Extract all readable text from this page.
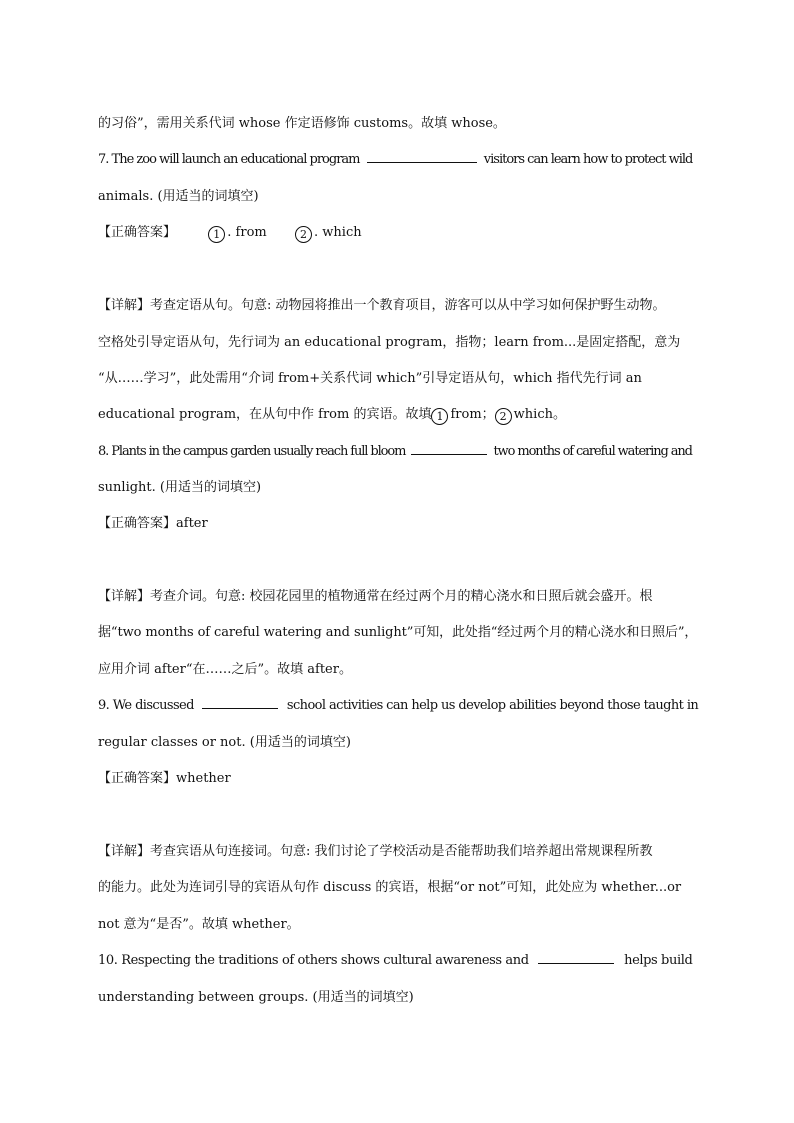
的习俗”，需用关系代词 whose 作定语修饰 customs。故填 whose。
7. The zoo will launch an educational program	visitors can learn how to protect wild
animals. (用适当的词填空)
【正确答案】	1 . from	2 . which
【详解】考查定语从句。句意: 动物园将推出一个教育项目，游客可以从中学习如何保护野生动物。
空格处引导定语从句，先行词为 an educational program，指物；learn from...是固定搭配，意为
“从……学习”，此处需用“介词 from+关系代词 which”引导定语从句，which 指代先行词 an
educational program，在从句中作 from 的宾语。故填 1 from； 2 which。
8. Plants in the campus garden usually reach full bloom	two months of careful watering and
sunlight. (用适当的词填空)
【正确答案】after
【详解】考查介词。句意: 校园花园里的植物通常在经过两个月的精心浇水和日照后就会盛开。根
据“two months of careful watering and sunlight”可知，此处指“经过两个月的精心浇水和日照后”，
应用介词 after“在……之后”。故填 after。
9. We discussed	school activities can help us develop abilities beyond those taught in
regular classes or not. (用适当的词填空)
【正确答案】whether
【详解】考查宾语从句连接词。句意: 我们讨论了学校活动是否能帮助我们培养超出常规课程所教
的能力。此处为连词引导的宾语从句作 discuss 的宾语，根据“or not”可知，此处应为 whether...or
not 意为“是否”。故填 whether。
10. Respecting the traditions of others shows cultural awareness and	helps build
understanding between groups. (用适当的词填空)
